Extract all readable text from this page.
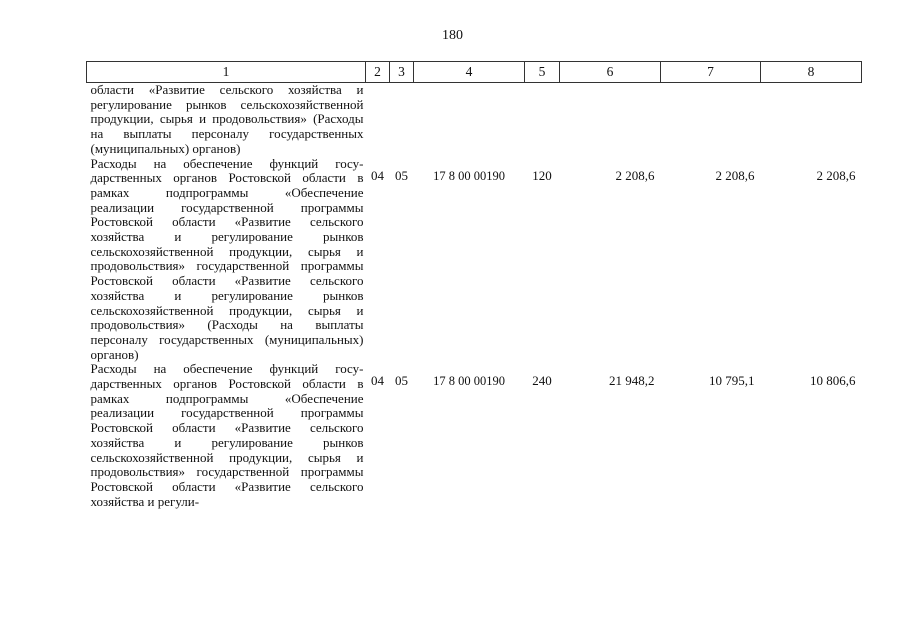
180
1	2	3	4	5	6	7	8

области «Развитие сельского хозяйства и регулирование рынков сельскохозяйственной продукции, сырья и продовольствия» (Расходы на выплаты персоналу государственных (муниципальных) органов)							

Расходы на обеспечение функций государственных органов Ростовской области в рамках подпрограммы «Обеспечение реализации государственной программы Ростовской области «Развитие сельского хозяйства и регулирование рынков сельскохозяйственной продукции, сырья и продовольствия» государственной программы Ростовской области «Развитие сельского хозяйства и регулирование рынков сельскохозяйственной продукции, сырья и продовольствия» (Расходы на выплаты персоналу государственных (муниципальных) органов)	04	05	17 8 00 00190	120	2 208,6	2 208,6	2 208,6

Расходы на обеспечение функций государственных органов Ростовской области в рамках подпрограммы «Обеспечение реализации государственной программы Ростовской области «Развитие сельского хозяйства и регулирование рынков сельскохозяйственной продукции, сырья и продовольствия» государственной программы Ростовской области «Развитие сельского хозяйства и регули-	04	05	17 8 00 00190	240	21 948,2	10 795,1	10 806,6
